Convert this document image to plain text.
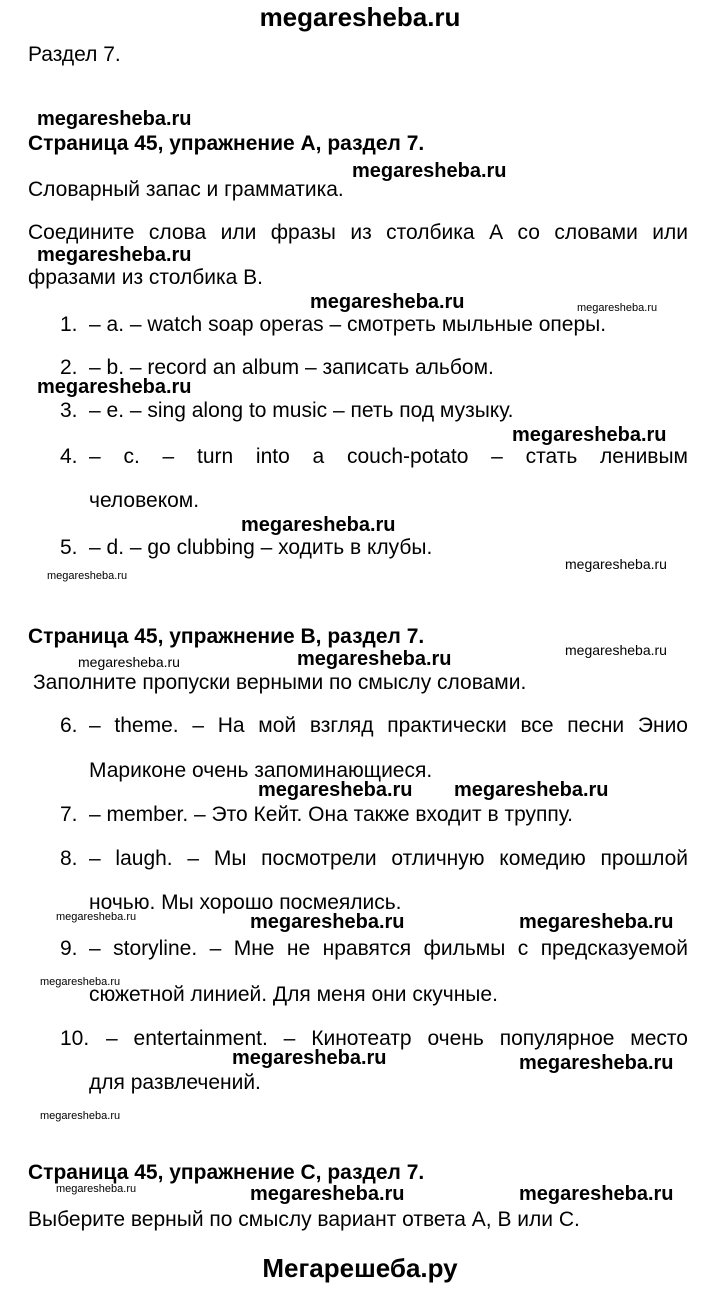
megaresheba.ru
Мегарешеба.ру
Раздел 7.
Страница 45, упражнение А, раздел 7.
Словарный запас и грамматика.
Соедините слова или фразы из столбика А со словами или
фразами из столбика В.
1. – a. – watch soap operas – смотреть мыльные оперы.
2. – b. – record an album – записать альбом.
3. – e. – sing along to music – петь под музыку.
4. – c. – turn into a couch-potato – стать ленивым
человеком.
5. – d. – go clubbing – ходить в клубы.
Страница 45, упражнение В, раздел 7.
Заполните пропуски верными по смыслу словами.
6. – theme. – На мой взгляд практически все песни Энио
Мариконе очень запоминающиеся.
7. – member. – Это Кейт. Она также входит в труппу.
8. – laugh. – Мы посмотрели отличную комедию прошлой
ночью. Мы хорошо посмеялись.
9. – storyline. – Мне не нравятся фильмы с предсказуемой
сюжетной линией. Для меня они скучные.
10. – entertainment. – Кинотеатр очень популярное место
для развлечений.
Страница 45, упражнение С, раздел 7.
Выберите верный по смыслу вариант ответа А, В или С.
megaresheba.ru
megaresheba.ru
megaresheba.ru
megaresheba.ru	megaresheba.ru
megaresheba.ru
megaresheba.ru
megaresheba.ru
megaresheba.ru
megaresheba.ru
megaresheba.ru
megaresheba.ru	megaresheba.ru
megaresheba.ru megaresheba.ru
megaresheba.ru	megaresheba.ru	megaresheba.ru
megaresheba.ru
megaresheba.ru	megaresheba.ru
megaresheba.ru
megaresheba.ru	megaresheba.ru	megaresheba.ru
